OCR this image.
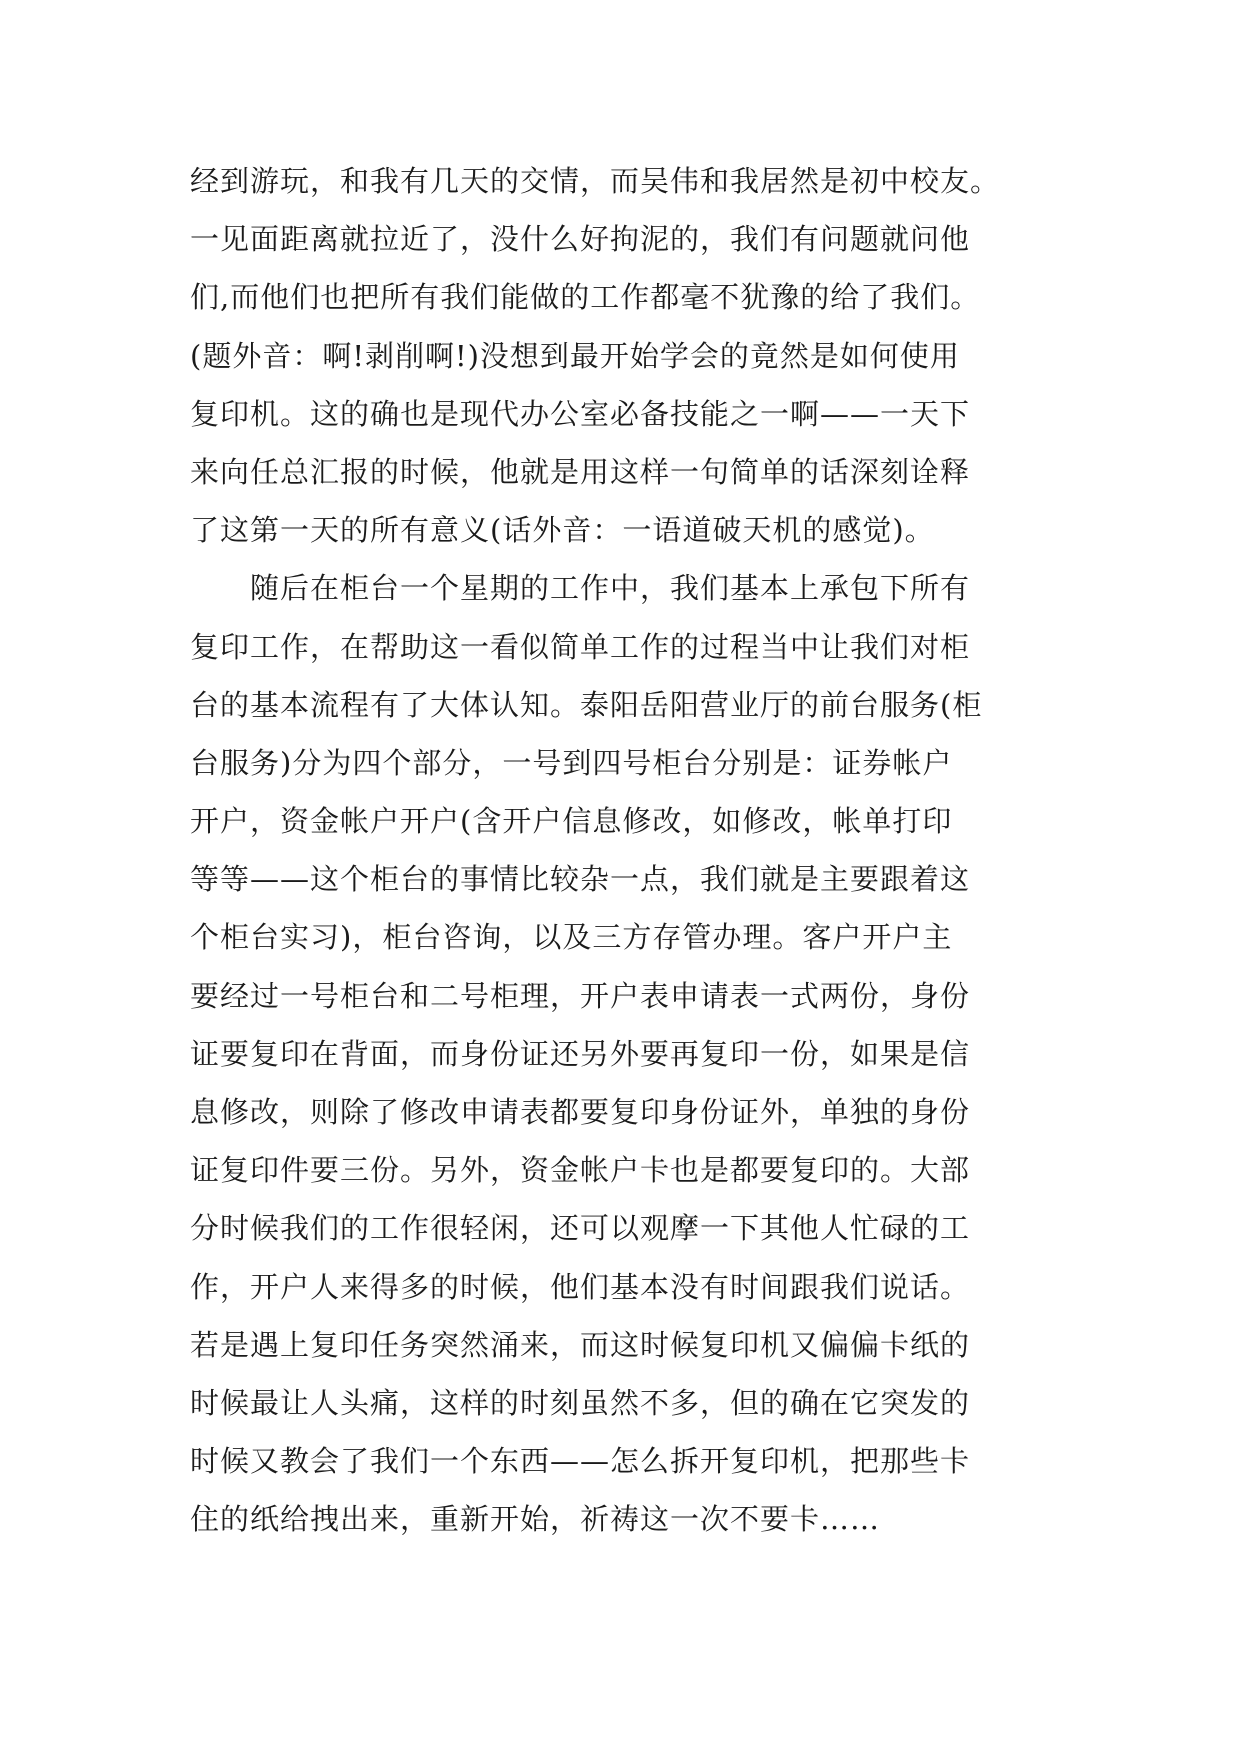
经到游玩，和我有几天的交情，而吴伟和我居然是初中校友。
一见面距离就拉近了，没什么好拘泥的，我们有问题就问他
们,而他们也把所有我们能做的工作都毫不犹豫的给了我们。
(题外音：啊!剥削啊!)没想到最开始学会的竟然是如何使用
复印机。这的确也是现代办公室必备技能之一啊——一天下
来向任总汇报的时候，他就是用这样一句简单的话深刻诠释
了这第一天的所有意义(话外音：一语道破天机的感觉)。
　　随后在柜台一个星期的工作中，我们基本上承包下所有
复印工作，在帮助这一看似简单工作的过程当中让我们对柜
台的基本流程有了大体认知。泰阳岳阳营业厅的前台服务(柜
台服务)分为四个部分，一号到四号柜台分别是：证券帐户
开户，资金帐户开户(含开户信息修改，如修改，帐单打印
等等——这个柜台的事情比较杂一点，我们就是主要跟着这
个柜台实习)，柜台咨询，以及三方存管办理。客户开户主
要经过一号柜台和二号柜理，开户表申请表一式两份，身份
证要复印在背面，而身份证还另外要再复印一份，如果是信
息修改，则除了修改申请表都要复印身份证外，单独的身份
证复印件要三份。另外，资金帐户卡也是都要复印的。大部
分时候我们的工作很轻闲，还可以观摩一下其他人忙碌的工
作，开户人来得多的时候，他们基本没有时间跟我们说话。
若是遇上复印任务突然涌来，而这时候复印机又偏偏卡纸的
时候最让人头痛，这样的时刻虽然不多，但的确在它突发的
时候又教会了我们一个东西——怎么拆开复印机，把那些卡
住的纸给拽出来，重新开始，祈祷这一次不要卡……
